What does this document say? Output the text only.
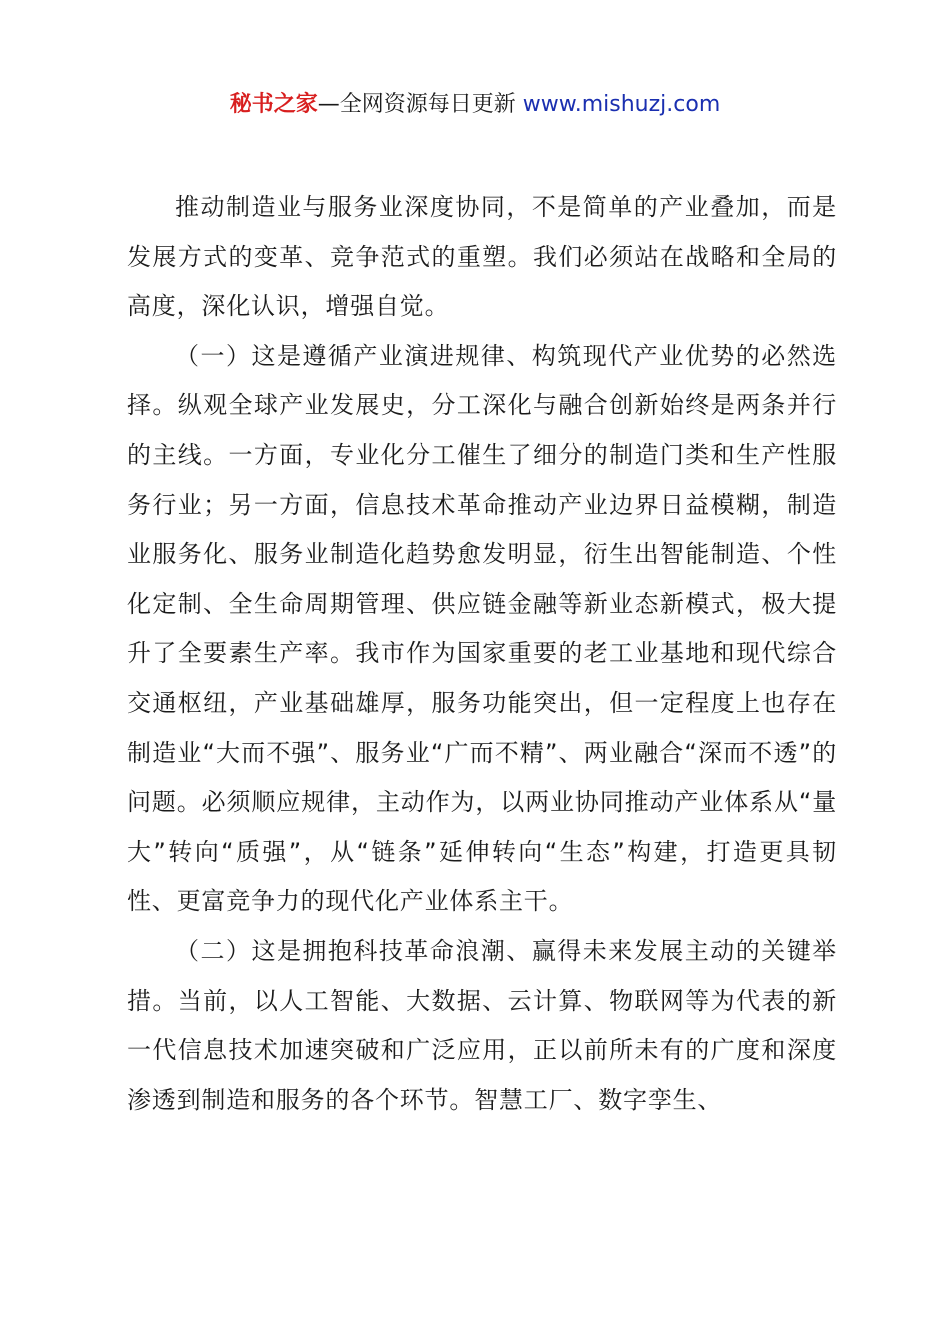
秘书之家—全网资源每日更新 www.mishuzj.com

推动制造业与服务业深度协同，不是简单的产业叠加，而是发展方式的变革、竞争范式的重塑。我们必须站在战略和全局的高度，深化认识，增强自觉。

（一）这是遵循产业演进规律、构筑现代产业优势的必然选择。纵观全球产业发展史，分工深化与融合创新始终是两条并行的主线。一方面，专业化分工催生了细分的制造门类和生产性服务行业；另一方面，信息技术革命推动产业边界日益模糊，制造业服务化、服务业制造化趋势愈发明显，衍生出智能制造、个性化定制、全生命周期管理、供应链金融等新业态新模式，极大提升了全要素生产率。我市作为国家重要的老工业基地和现代综合交通枢纽，产业基础雄厚，服务功能突出，但一定程度上也存在制造业“大而不强”、服务业“广而不精”、两业融合“深而不透”的问题。必须顺应规律，主动作为，以两业协同推动产业体系从“量大”转向“质强”，从“链条”延伸转向“生态”构建，打造更具韧性、更富竞争力的现代化产业体系主干。

（二）这是拥抱科技革命浪潮、赢得未来发展主动的关键举措。当前，以人工智能、大数据、云计算、物联网等为代表的新一代信息技术加速突破和广泛应用，正以前所未有的广度和深度渗透到制造和服务的各个环节。智慧工厂、数字孪生、
